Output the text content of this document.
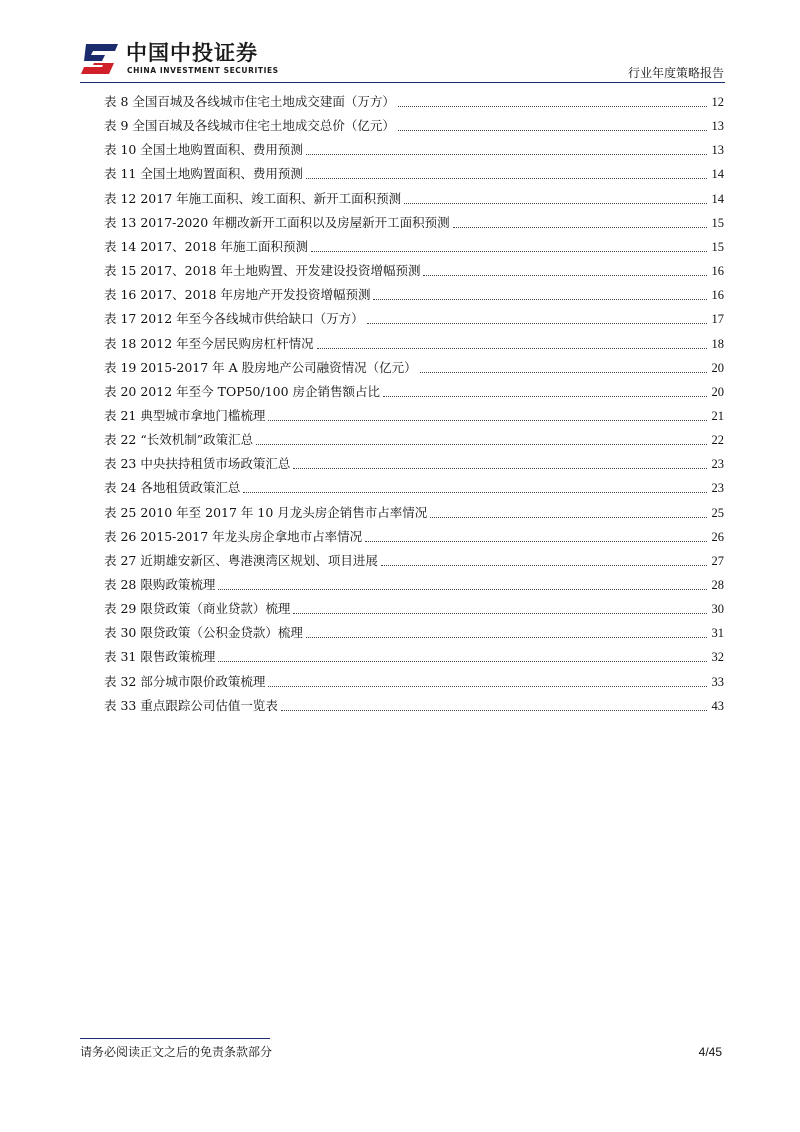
中国中投证券
CHINA INVESTMENT SECURITIES	行业年度策略报告
表 8 全国百城及各线城市住宅土地成交建面（万方）	12
表 9 全国百城及各线城市住宅土地成交总价（亿元）	13
表 10 全国土地购置面积、费用预测	13
表 11 全国土地购置面积、费用预测	14
表 12 2017 年施工面积、竣工面积、新开工面积预测	14
表 13 2017-2020 年棚改新开工面积以及房屋新开工面积预测	15
表 14 2017、2018 年施工面积预测	15
表 15 2017、2018 年土地购置、开发建设投资增幅预测	16
表 16 2017、2018 年房地产开发投资增幅预测	16
表 17 2012 年至今各线城市供给缺口（万方）	17
表 18 2012 年至今居民购房杠杆情况	18
表 19 2015-2017 年 A 股房地产公司融资情况（亿元）	20
表 20 2012 年至今 TOP50/100 房企销售额占比	20
表 21 典型城市拿地门槛梳理	21
表 22 “长效机制”政策汇总	22
表 23 中央扶持租赁市场政策汇总	23
表 24 各地租赁政策汇总	23
表 25 2010 年至 2017 年 10 月龙头房企销售市占率情况	25
表 26 2015-2017 年龙头房企拿地市占率情况	26
表 27 近期雄安新区、粤港澳湾区规划、项目进展	27
表 28 限购政策梳理	28
表 29 限贷政策（商业贷款）梳理	30
表 30 限贷政策（公积金贷款）梳理	31
表 31 限售政策梳理	32
表 32 部分城市限价政策梳理	33
表 33 重点跟踪公司估值一览表	43
请务必阅读正文之后的免责条款部分	4/45
